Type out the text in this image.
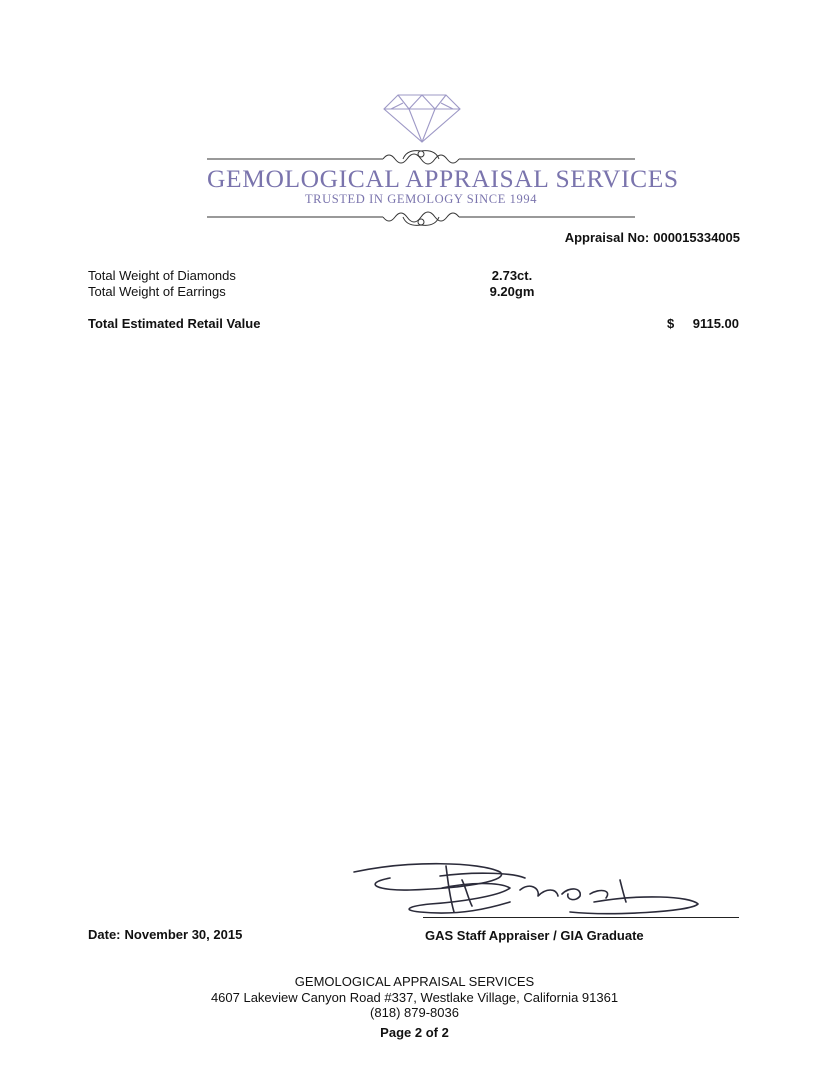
GEMOLOGICAL APPRAISAL SERVICES
TRUSTED IN GEMOLOGY SINCE 1994
Appraisal No: 000015334005
Total Weight of Diamonds	2.73ct.
Total Weight of Earrings	9.20gm
Total Estimated Retail Value	$ 9115.00
Date: November 30, 2015	GAS Staff Appraiser / GIA Graduate
GEMOLOGICAL APPRAISAL SERVICES
4607 Lakeview Canyon Road #337, Westlake Village, California 91361
(818) 879-8036
Page 2 of 2
